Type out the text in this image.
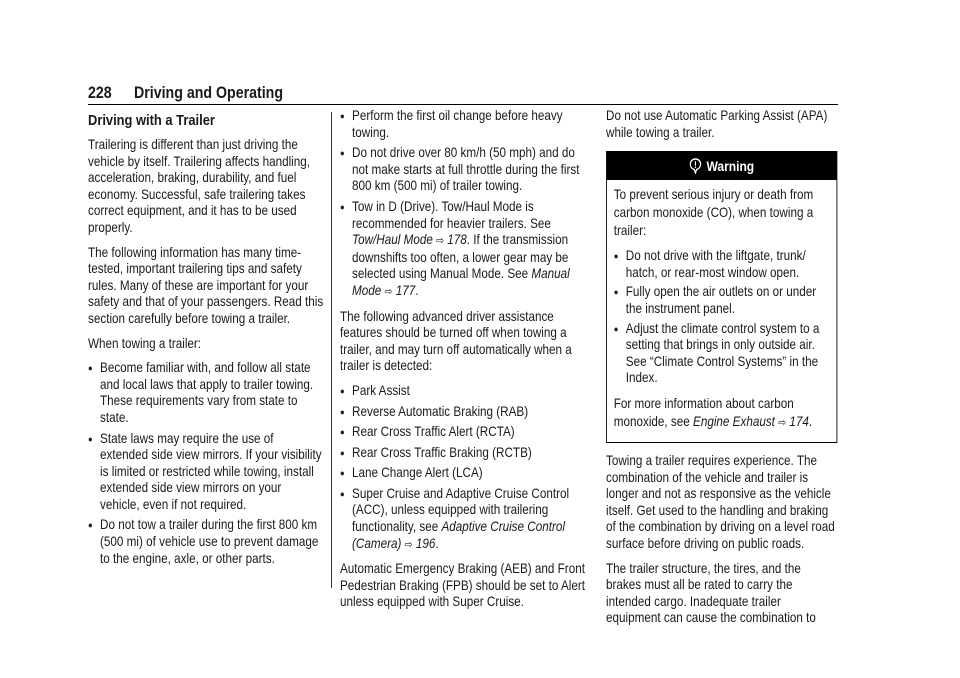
228 Driving and Operating
Driving with a Trailer

Trailering is different than just driving the vehicle by itself. Trailering affects handling, acceleration, braking, durability, and fuel economy. Successful, safe trailering takes correct equipment, and it has to be used properly.

The following information has many time-tested, important trailering tips and safety rules. Many of these are important for your safety and that of your passengers. Read this section carefully before towing a trailer.

When towing a trailer:

● Become familiar with, and follow all state and local laws that apply to trailer towing. These requirements vary from state to state.
● State laws may require the use of extended side view mirrors. If your visibility is limited or restricted while towing, install extended side view mirrors on your vehicle, even if not required.
● Do not tow a trailer during the first 800 km (500 mi) of vehicle use to prevent damage to the engine, axle, or other parts.
● Perform the first oil change before heavy towing.
● Do not drive over 80 km/h (50 mph) and do not make starts at full throttle during the first 800 km (500 mi) of trailer towing.
● Tow in D (Drive). Tow/Haul Mode is recommended for heavier trailers. See Tow/Haul Mode ⇨ 178. If the transmission downshifts too often, a lower gear may be selected using Manual Mode. See Manual Mode ⇨ 177.

The following advanced driver assistance features should be turned off when towing a trailer, and may turn off automatically when a trailer is detected:

● Park Assist
● Reverse Automatic Braking (RAB)
● Rear Cross Traffic Alert (RCTA)
● Rear Cross Traffic Braking (RCTB)
● Lane Change Alert (LCA)
● Super Cruise and Adaptive Cruise Control (ACC), unless equipped with trailering functionality, see Adaptive Cruise Control (Camera) ⇨ 196.

Automatic Emergency Braking (AEB) and Front Pedestrian Braking (FPB) should be set to Alert unless equipped with Super Cruise.

Do not use Automatic Parking Assist (APA) while towing a trailer.

Warning

To prevent serious injury or death from carbon monoxide (CO), when towing a trailer:

● Do not drive with the liftgate, trunk/ hatch, or rear-most window open.
● Fully open the air outlets on or under the instrument panel.
● Adjust the climate control system to a setting that brings in only outside air. See “Climate Control Systems” in the Index.

For more information about carbon monoxide, see Engine Exhaust ⇨ 174.

Towing a trailer requires experience. The combination of the vehicle and trailer is longer and not as responsive as the vehicle itself. Get used to the handling and braking of the combination by driving on a level road surface before driving on public roads.

The trailer structure, the tires, and the brakes must all be rated to carry the intended cargo. Inadequate trailer equipment can cause the combination to
